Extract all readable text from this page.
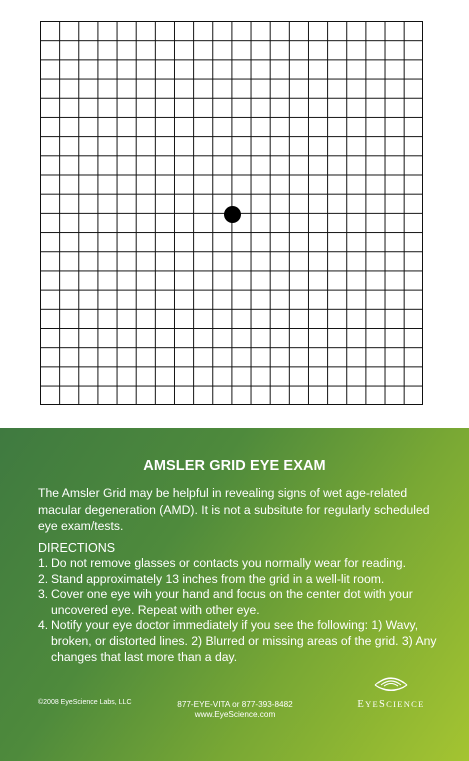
AMSLER GRID EYE EXAM
The Amsler Grid may be helpful in revealing signs of wet age-related macular degeneration (AMD). It is not a subsitute for regularly scheduled eye exam/tests.
DIRECTIONS
1. Do not remove glasses or contacts you normally wear for reading.
2. Stand approximately 13 inches from the grid in a well-lit room.
3. Cover one eye wih your hand and focus on the center dot with your uncovered eye. Repeat with other eye.
4. Notify your eye doctor immediately if you see the following: 1) Wavy, broken, or distorted lines. 2) Blurred or missing areas of the grid. 3) Any changes that last more than a day.
©2008 EyeScience Labs, LLC	877-EYE-VITA or 877-393-8482
www.EyeScience.com
EYESCIENCE
